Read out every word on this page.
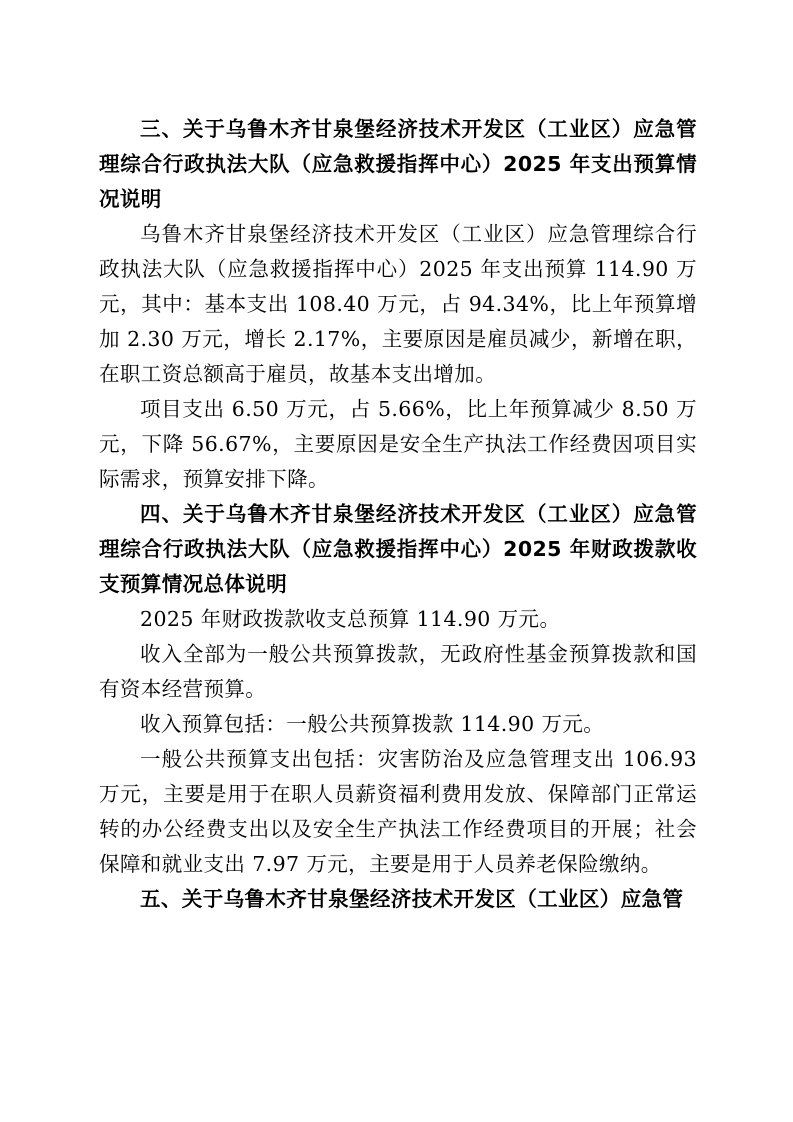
三、关于乌鲁木齐甘泉堡经济技术开发区（工业区）应急管理综合行政执法大队（应急救援指挥中心）2025 年支出预算情况说明

乌鲁木齐甘泉堡经济技术开发区（工业区）应急管理综合行政执法大队（应急救援指挥中心）2025 年支出预算 114.90 万元，其中：基本支出 108.40 万元，占 94.34%，比上年预算增加 2.30 万元，增长 2.17%，主要原因是雇员减少，新增在职，在职工资总额高于雇员，故基本支出增加。

项目支出 6.50 万元，占 5.66%，比上年预算减少 8.50 万元，下降 56.67%，主要原因是安全生产执法工作经费因项目实际需求，预算安排下降。

四、关于乌鲁木齐甘泉堡经济技术开发区（工业区）应急管理综合行政执法大队（应急救援指挥中心）2025 年财政拨款收支预算情况总体说明

2025 年财政拨款收支总预算 114.90 万元。

收入全部为一般公共预算拨款，无政府性基金预算拨款和国有资本经营预算。

收入预算包括：一般公共预算拨款 114.90 万元。

一般公共预算支出包括：灾害防治及应急管理支出 106.93 万元，主要是用于在职人员薪资福利费用发放、保障部门正常运转的办公经费支出以及安全生产执法工作经费项目的开展；社会保障和就业支出 7.97 万元，主要是用于人员养老保险缴纳。

五、关于乌鲁木齐甘泉堡经济技术开发区（工业区）应急管
